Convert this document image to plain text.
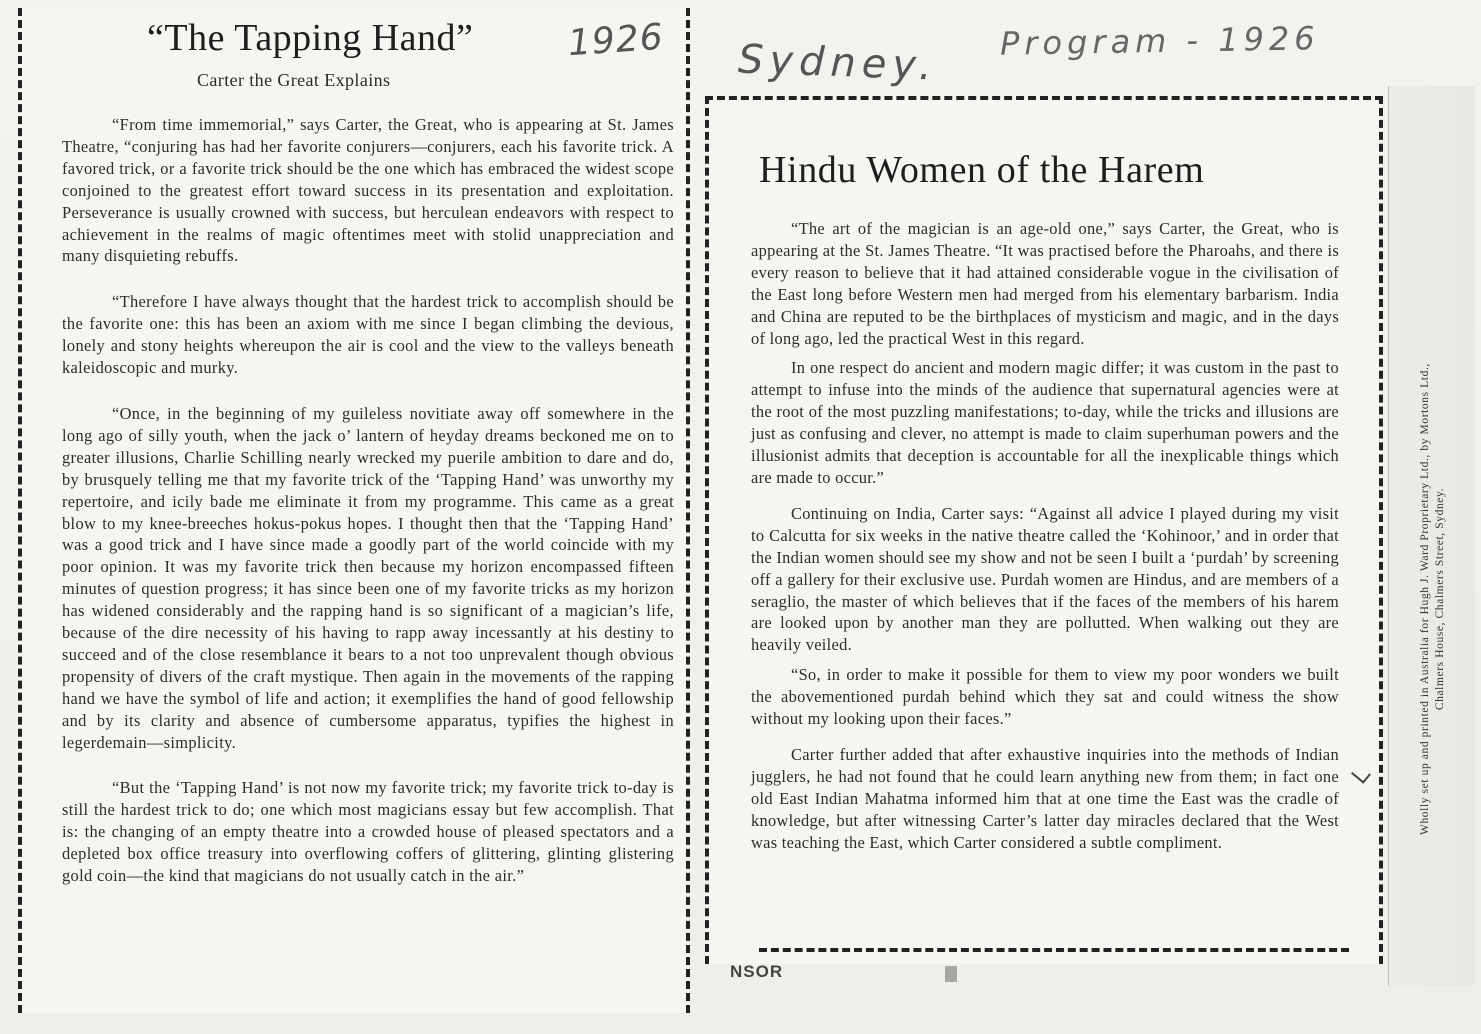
“The Tapping Hand”
Carter the Great Explains

“From time immemorial,” says Carter, the Great, who is appearing at St. James Theatre, “conjuring has had her favorite conjurers—conjurers, each his favorite trick. A favored trick, or a favorite trick should be the one which has embraced the widest scope conjoined to the greatest effort toward success in its presentation and exploitation. Perseverance is usually crowned with success, but herculean endeavors with respect to achievement in the realms of magic oftentimes meet with stolid unappreciation and many disquieting rebuffs.

“Therefore I have always thought that the hardest trick to accomplish should be the favorite one: this has been an axiom with me since I began climbing the devious, lonely and stony heights whereupon the air is cool and the view to the valleys beneath kaleidoscopic and murky.

“Once, in the beginning of my guileless novitiate away off somewhere in the long ago of silly youth, when the jack o’ lantern of heyday dreams beckoned me on to greater illusions, Charlie Schilling nearly wrecked my puerile ambition to dare and do, by brusquely telling me that my favorite trick of the ‘Tapping Hand’ was unworthy my repertoire, and icily bade me eliminate it from my programme. This came as a great blow to my knee-breeches hokus-pokus hopes. I thought then that the ‘Tapping Hand’ was a good trick and I have since made a goodly part of the world coincide with my poor opinion. It was my favorite trick then because my horizon encompassed fifteen minutes of question progress; it has since been one of my favorite tricks as my horizon has widened considerably and the rapping hand is so significant of a magician’s life, because of the dire necessity of his having to rapp away incessantly at his destiny to succeed and of the close resemblance it bears to a not too unprevalent though obvious propensity of divers of the craft mystique. Then again in the movements of the rapping hand we have the symbol of life and action; it exemplifies the hand of good fellowship and by its clarity and absence of cumbersome apparatus, typifies the highest in legerdemain—simplicity.

“But the ‘Tapping Hand’ is not now my favorite trick; my favorite trick to-day is still the hardest trick to do; one which most magicians essay but few accomplish. That is: the changing of an empty theatre into a crowded house of pleased spectators and a depleted box office treasury into overflowing coffers of glittering, glinting glistering gold coin—the kind that magicians do not usually catch in the air.”

1926 Sydney. Program - 1926
Wholly set up and printed in Australia for Hugh J. Ward Proprietary Ltd., by Mortons Ltd., Chalmers House, Chalmers Street, Sydney.
Hindu Women of the Harem

“The art of the magician is an age-old one,” says Carter, the Great, who is appearing at the St. James Theatre. “It was practised before the Pharoahs, and there is every reason to believe that it had attained considerable vogue in the civilisation of the East long before Western men had merged from his elementary barbarism. India and China are reputed to be the birthplaces of mysticism and magic, and in the days of long ago, led the practical West in this regard.

In one respect do ancient and modern magic differ; it was custom in the past to attempt to infuse into the minds of the audience that supernatural agencies were at the root of the most puzzling manifestations; to-day, while the tricks and illusions are just as confusing and clever, no attempt is made to claim superhuman powers and the illusionist admits that deception is accountable for all the inexplicable things which are made to occur.”

Continuing on India, Carter says: “Against all advice I played during my visit to Calcutta for six weeks in the native theatre called the ‘Kohinoor,’ and in order that the Indian women should see my show and not be seen I built a ‘purdah’ by screening off a gallery for their exclusive use. Purdah women are Hindus, and are members of a seraglio, the master of which believes that if the faces of the members of his harem are looked upon by another man they are pollutted. When walking out they are heavily veiled.

“So, in order to make it possible for them to view my poor wonders we built the abovementioned purdah behind which they sat and could witness the show without my looking upon their faces.”

Carter further added that after exhaustive inquiries into the methods of Indian jugglers, he had not found that he could learn anything new from them; in fact one old East Indian Mahatma informed him that at one time the East was the cradle of knowledge, but after witnessing Carter’s latter day miracles declared that the West was teaching the East, which Carter considered a subtle compliment.

NSOR
